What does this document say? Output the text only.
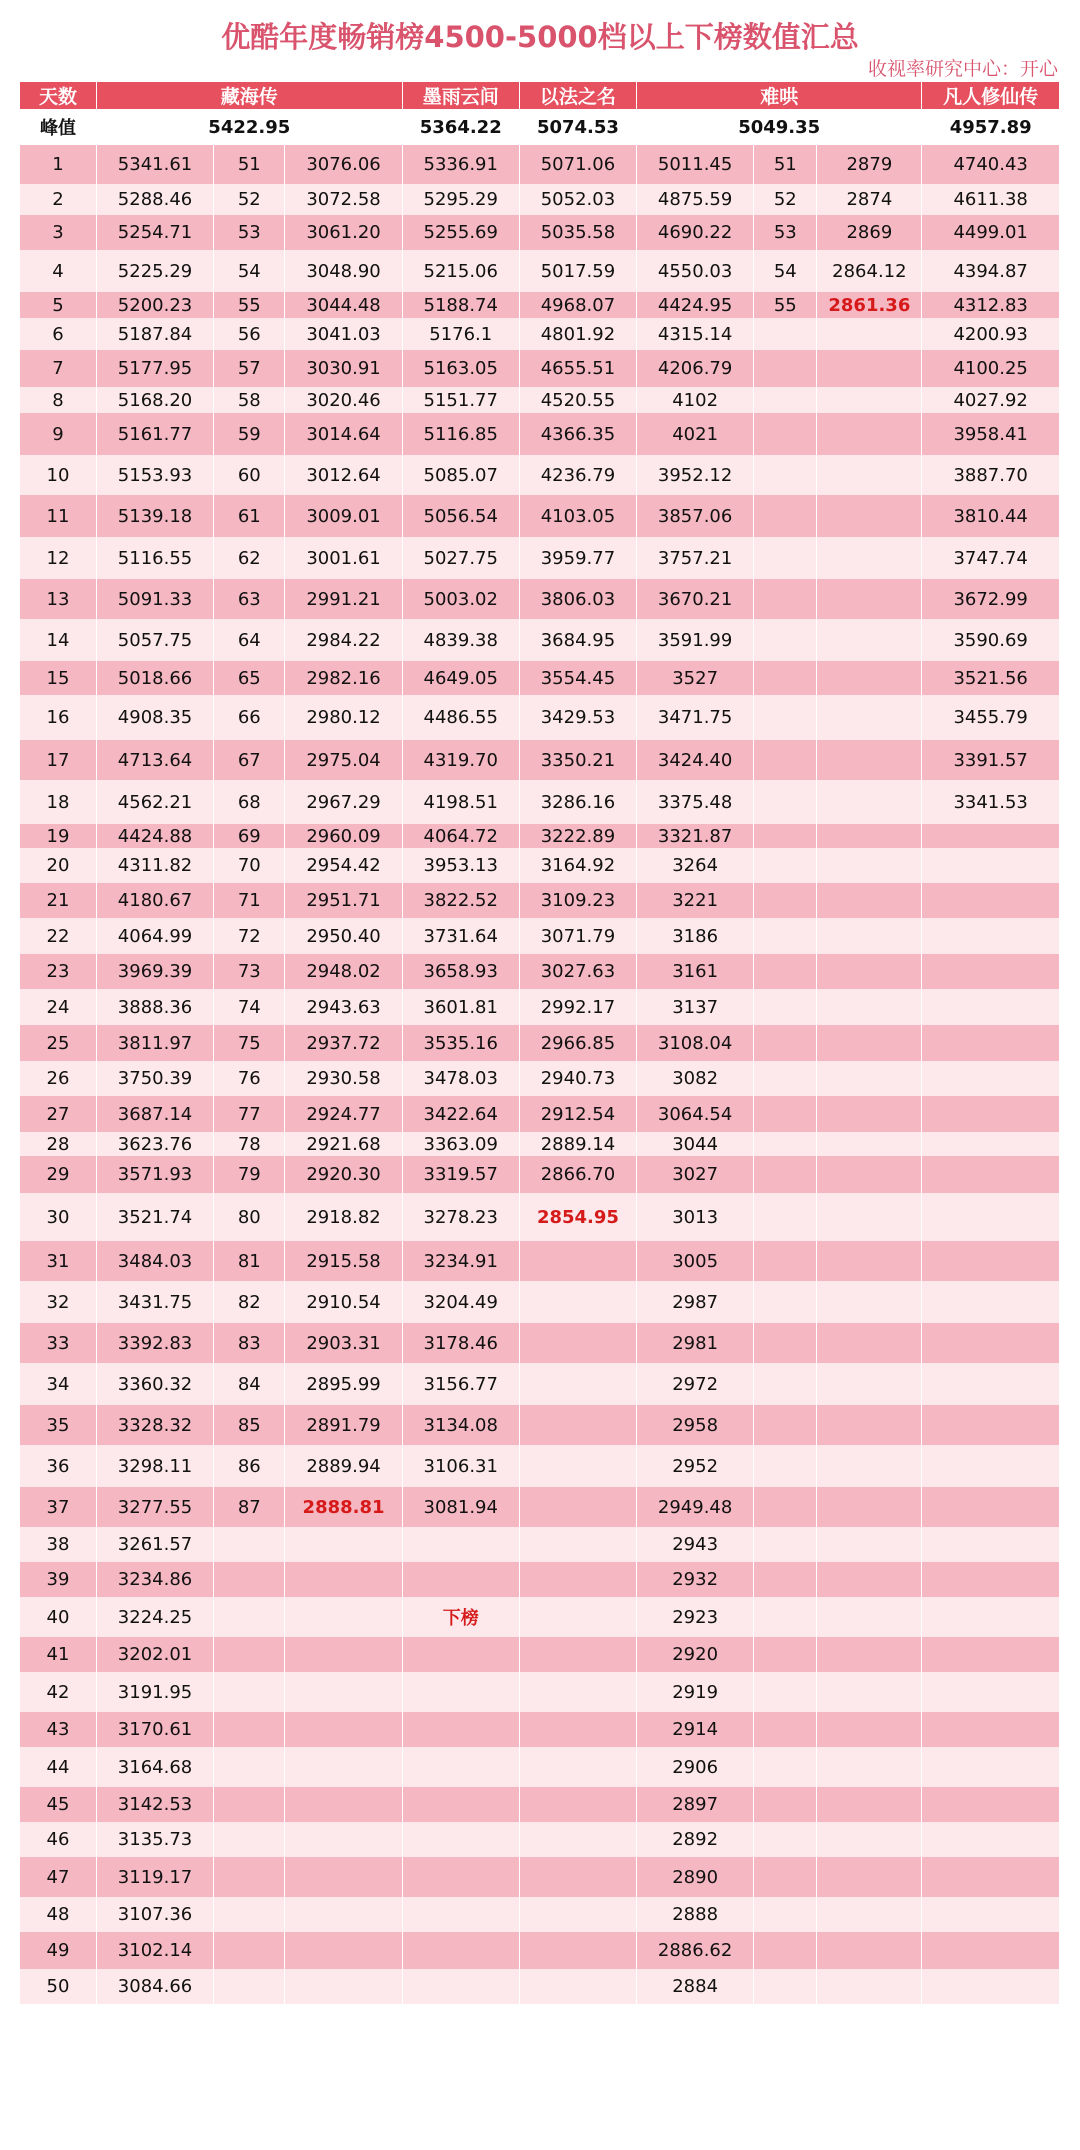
优酷年度畅销榜4500-5000档以上下榜数值汇总
收视率研究中心：开心
天数	藏海传			墨雨云间	以法之名	难哄			凡人修仙传
峰值	5422.95			5364.22	5074.53	5049.35			4957.89
1	5341.61	51	3076.06	5336.91	5071.06	5011.45	51	2879	4740.43
2	5288.46	52	3072.58	5295.29	5052.03	4875.59	52	2874	4611.38
3	5254.71	53	3061.20	5255.69	5035.58	4690.22	53	2869	4499.01
4	5225.29	54	3048.90	5215.06	5017.59	4550.03	54	2864.12	4394.87
5	5200.23	55	3044.48	5188.74	4968.07	4424.95	55	2861.36	4312.83
6	5187.84	56	3041.03	5176.1	4801.92	4315.14			4200.93
7	5177.95	57	3030.91	5163.05	4655.51	4206.79			4100.25
8	5168.20	58	3020.46	5151.77	4520.55	4102			4027.92
9	5161.77	59	3014.64	5116.85	4366.35	4021			3958.41
10	5153.93	60	3012.64	5085.07	4236.79	3952.12			3887.70
11	5139.18	61	3009.01	5056.54	4103.05	3857.06			3810.44
12	5116.55	62	3001.61	5027.75	3959.77	3757.21			3747.74
13	5091.33	63	2991.21	5003.02	3806.03	3670.21			3672.99
14	5057.75	64	2984.22	4839.38	3684.95	3591.99			3590.69
15	5018.66	65	2982.16	4649.05	3554.45	3527			3521.56
16	4908.35	66	2980.12	4486.55	3429.53	3471.75			3455.79
17	4713.64	67	2975.04	4319.70	3350.21	3424.40			3391.57
18	4562.21	68	2967.29	4198.51	3286.16	3375.48			3341.53
19	4424.88	69	2960.09	4064.72	3222.89	3321.87			
20	4311.82	70	2954.42	3953.13	3164.92	3264			
21	4180.67	71	2951.71	3822.52	3109.23	3221			
22	4064.99	72	2950.40	3731.64	3071.79	3186			
23	3969.39	73	2948.02	3658.93	3027.63	3161			
24	3888.36	74	2943.63	3601.81	2992.17	3137			
25	3811.97	75	2937.72	3535.16	2966.85	3108.04			
26	3750.39	76	2930.58	3478.03	2940.73	3082			
27	3687.14	77	2924.77	3422.64	2912.54	3064.54			
28	3623.76	78	2921.68	3363.09	2889.14	3044			
29	3571.93	79	2920.30	3319.57	2866.70	3027			
30	3521.74	80	2918.82	3278.23	2854.95	3013			
31	3484.03	81	2915.58	3234.91		3005			
32	3431.75	82	2910.54	3204.49		2987			
33	3392.83	83	2903.31	3178.46		2981			
34	3360.32	84	2895.99	3156.77		2972			
35	3328.32	85	2891.79	3134.08		2958			
36	3298.11	86	2889.94	3106.31		2952			
37	3277.55	87	2888.81	3081.94		2949.48			
38	3261.57					2943			
39	3234.86					2932			
40	3224.25			下榜		2923			
41	3202.01					2920			
42	3191.95					2919			
43	3170.61					2914			
44	3164.68					2906			
45	3142.53					2897			
46	3135.73					2892			
47	3119.17					2890			
48	3107.36					2888			
49	3102.14					2886.62			
50	3084.66					2884			
